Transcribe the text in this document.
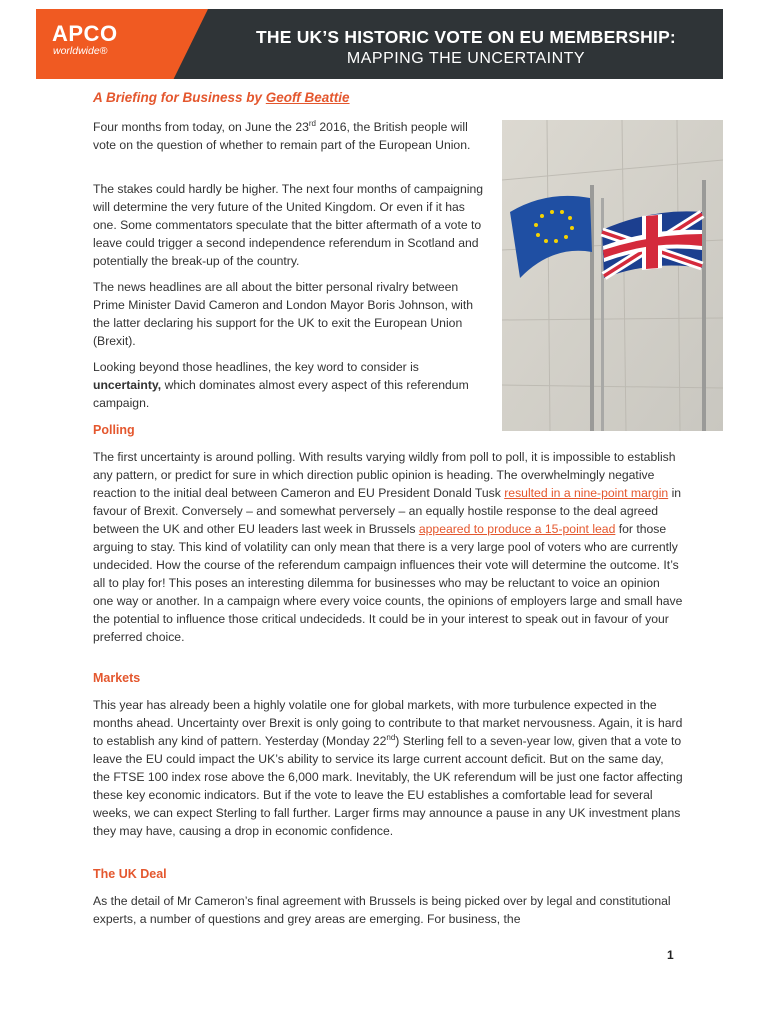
APCO
worldwide®
THE UK’S HISTORIC VOTE ON EU MEMBERSHIP:
MAPPING THE UNCERTAINTY
A Briefing for Business by Geoff Beattie

Four months from today, on June the 23rd 2016, the British people will vote on the question of whether to remain part of the European Union.

The stakes could hardly be higher. The next four months of campaigning will determine the very future of the United Kingdom. Or even if it has one. Some commentators speculate that the bitter aftermath of a vote to leave could trigger a second independence referendum in Scotland and potentially the break-up of the country.

The news headlines are all about the bitter personal rivalry between Prime Minister David Cameron and London Mayor Boris Johnson, with the latter declaring his support for the UK to exit the European Union (Brexit).

Looking beyond those headlines, the key word to consider is uncertainty, which dominates almost every aspect of this referendum campaign.

Polling

The first uncertainty is around polling. With results varying wildly from poll to poll, it is impossible to establish any pattern, or predict for sure in which direction public opinion is heading. The overwhelmingly negative reaction to the initial deal between Cameron and EU President Donald Tusk resulted in a nine-point margin in favour of Brexit. Conversely – and somewhat perversely – an equally hostile response to the deal agreed between the UK and other EU leaders last week in Brussels appeared to produce a 15-point lead for those arguing to stay. This kind of volatility can only mean that there is a very large pool of voters who are currently undecided. How the course of the referendum campaign influences their vote will determine the outcome. It’s all to play for! This poses an interesting dilemma for businesses who may be reluctant to voice an opinion one way or another. In a campaign where every voice counts, the opinions of employers large and small have the potential to influence those critical undecideds. It could be in your interest to speak out in favour of your preferred choice.

Markets

This year has already been a highly volatile one for global markets, with more turbulence expected in the months ahead. Uncertainty over Brexit is only going to contribute to that market nervousness. Again, it is hard to establish any kind of pattern. Yesterday (Monday 22nd) Sterling fell to a seven-year low, given that a vote to leave the EU could impact the UK’s ability to service its large current account deficit. But on the same day, the FTSE 100 index rose above the 6,000 mark. Inevitably, the UK referendum will be just one factor affecting these key economic indicators. But if the vote to leave the EU establishes a comfortable lead for several weeks, we can expect Sterling to fall further. Larger firms may announce a pause in any UK investment plans they may have, causing a drop in economic confidence.

The UK Deal

As the detail of Mr Cameron’s final agreement with Brussels is being picked over by legal and constitutional experts, a number of questions and grey areas are emerging. For business, the

1
